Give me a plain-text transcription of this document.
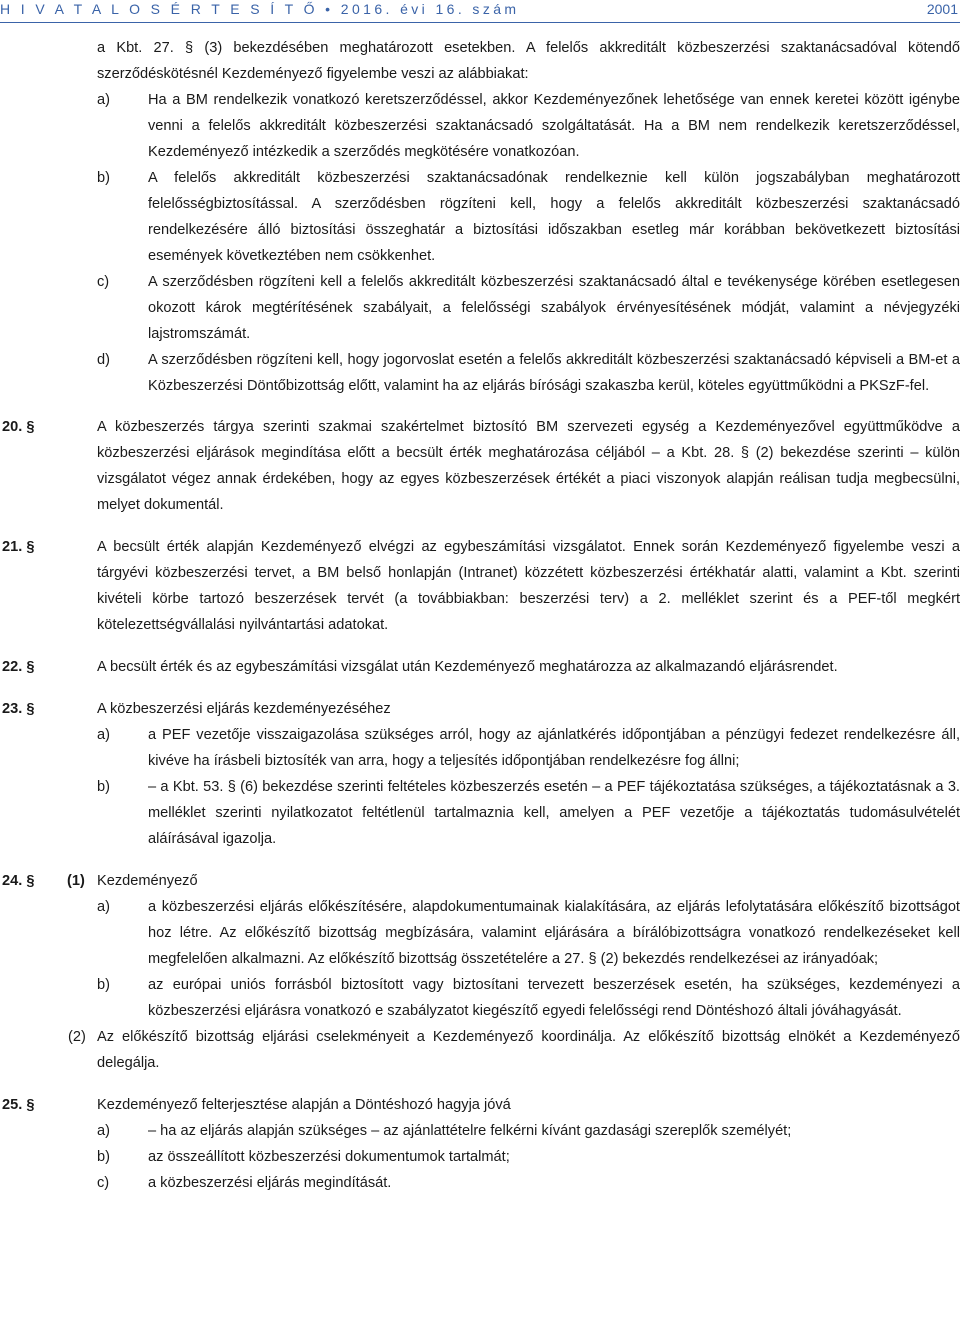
H I V A T A L O S É R T E S Í T Ő • 2016. évi 16. szám	2001

a Kbt. 27. § (3) bekezdésében meghatározott esetekben. A felelős akkreditált közbeszerzési szaktanácsadóval kötendő szerződéskötésnél Kezdeményező figyelembe veszi az alábbiakat:

a)	Ha a BM rendelkezik vonatkozó keretszerződéssel, akkor Kezdeményezőnek lehetősége van ennek keretei között igénybe venni a felelős akkreditált közbeszerzési szaktanácsadó szolgáltatását. Ha a BM nem rendelkezik keretszerződéssel, Kezdeményező intézkedik a szerződés megkötésére vonatkozóan.
b)	A felelős akkreditált közbeszerzési szaktanácsadónak rendelkeznie kell külön jogszabályban meghatározott felelősségbiztosítással. A szerződésben rögzíteni kell, hogy a felelős akkreditált közbeszerzési szaktanácsadó rendelkezésére álló biztosítási összeghatár a biztosítási időszakban esetleg már korábban bekövetkezett biztosítási események következtében nem csökkenhet.
c)	A szerződésben rögzíteni kell a felelős akkreditált közbeszerzési szaktanácsadó által e tevékenysége körében esetlegesen okozott károk megtérítésének szabályait, a felelősségi szabályok érvényesítésének módját, valamint a névjegyzéki lajstromszámát.
d)	A szerződésben rögzíteni kell, hogy jogorvoslat esetén a felelős akkreditált közbeszerzési szaktanácsadó képviseli a BM-et a Közbeszerzési Döntőbizottság előtt, valamint ha az eljárás bírósági szakaszba kerül, köteles együttműködni a PKSzF-fel.
20. §	A közbeszerzés tárgya szerinti szakmai szakértelmet biztosító BM szervezeti egység a Kezdeményezővel együttműködve a közbeszerzési eljárások megindítása előtt a becsült érték meghatározása céljából – a Kbt. 28. § (2) bekezdése szerinti – külön vizsgálatot végez annak érdekében, hogy az egyes közbeszerzések értékét a piaci viszonyok alapján reálisan tudja megbecsülni, melyet dokumentál.
21. §	A becsült érték alapján Kezdeményező elvégzi az egybeszámítási vizsgálatot. Ennek során Kezdeményező figyelembe veszi a tárgyévi közbeszerzési tervet, a BM belső honlapján (Intranet) közzétett közbeszerzési értékhatár alatti, valamint a Kbt. szerinti kivételi körbe tartozó beszerzések tervét (a továbbiakban: beszerzési terv) a 2. melléklet szerint és a PEF-től megkért kötelezettségvállalási nyilvántartási adatokat.
22. §	A becsült érték és az egybeszámítási vizsgálat után Kezdeményező meghatározza az alkalmazandó eljárásrendet.
23. §	A közbeszerzési eljárás kezdeményezéséhez

a)	a PEF vezetője visszaigazolása szükséges arról, hogy az ajánlatkérés időpontjában a pénzügyi fedezet rendelkezésre áll, kivéve ha írásbeli biztosíték van arra, hogy a teljesítés időpontjában rendelkezésre fog állni;
b)	– a Kbt. 53. § (6) bekezdése szerinti feltételes közbeszerzés esetén – a PEF tájékoztatása szükséges, a tájékoztatásnak a 3. melléklet szerinti nyilatkozatot feltétlenül tartalmaznia kell, amelyen a PEF vezetője a tájékoztatás tudomásulvételét aláírásával igazolja.
24. § (1) Kezdeményező
a)	a közbeszerzési eljárás előkészítésére, alapdokumentumainak kialakítására, az eljárás lefolytatására előkészítő bizottságot hoz létre. Az előkészítő bizottság megbízására, valamint eljárására a bírálóbizottságra vonatkozó rendelkezéseket kell megfelelően alkalmazni. Az előkészítő bizottság összetételére a 27. § (2) bekezdés rendelkezései az irányadóak;
b)	az európai uniós forrásból biztosított vagy biztosítani tervezett beszerzések esetén, ha szükséges, kezdeményezi a közbeszerzési eljárásra vonatkozó e szabályzatot kiegészítő egyedi felelősségi rend Döntéshozó általi jóváhagyását.
(2) Az előkészítő bizottság eljárási cselekményeit a Kezdeményező koordinálja. Az előkészítő bizottság elnökét a Kezdeményező delegálja.
25. §	Kezdeményező felterjesztése alapján a Döntéshozó hagyja jóvá

a)	– ha az eljárás alapján szükséges – az ajánlattételre felkérni kívánt gazdasági szereplők személyét;
b)	az összeállított közbeszerzési dokumentumok tartalmát;
c)	a közbeszerzési eljárás megindítását.
